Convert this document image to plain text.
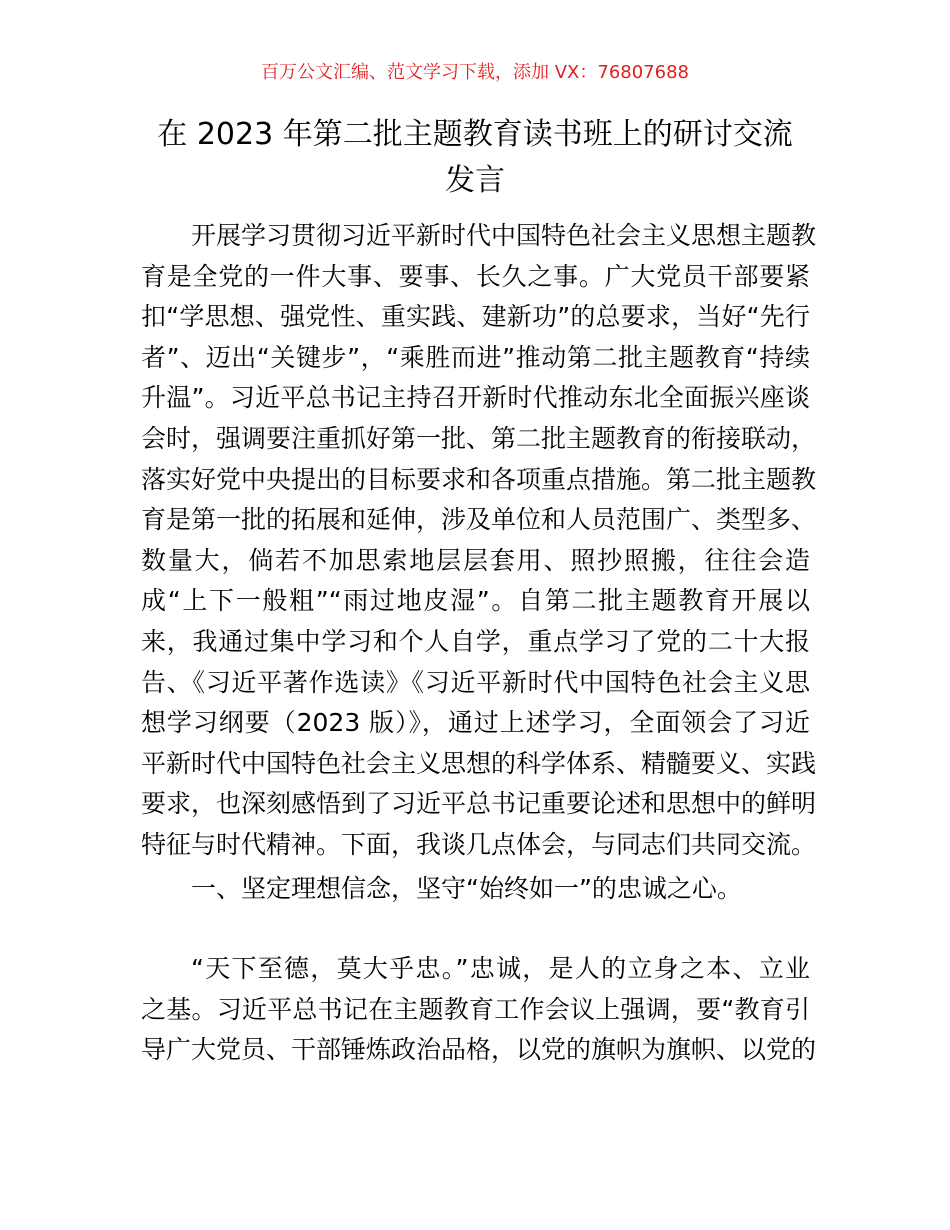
百万公文汇编、范文学习下载，添加 VX：76807688
在 2023 年第二批主题教育读书班上的研讨交流
发言
开展学习贯彻习近平新时代中国特色社会主义思想主题教
育是全党的一件大事、要事、长久之事。广大党员干部要紧
扣“学思想、强党性、重实践、建新功”的总要求，当好“先行
者”、迈出“关键步”，“乘胜而进”推动第二批主题教育“持续
升温”。习近平总书记主持召开新时代推动东北全面振兴座谈
会时，强调要注重抓好第一批、第二批主题教育的衔接联动，
落实好党中央提出的目标要求和各项重点措施。第二批主题教
育是第一批的拓展和延伸，涉及单位和人员范围广、类型多、
数量大，倘若不加思索地层层套用、照抄照搬，往往会造
成“上下一般粗”“雨过地皮湿”。自第二批主题教育开展以
来，我通过集中学习和个人自学，重点学习了党的二十大报
告、《习近平著作选读》《习近平新时代中国特色社会主义思
想学习纲要（2023 版）》，通过上述学习，全面领会了习近
平新时代中国特色社会主义思想的科学体系、精髓要义、实践
要求，也深刻感悟到了习近平总书记重要论述和思想中的鲜明
特征与时代精神。下面，我谈几点体会，与同志们共同交流。
一、坚定理想信念，坚守“始终如一”的忠诚之心。
“天下至德，莫大乎忠。”忠诚，是人的立身之本、立业
之基。习近平总书记在主题教育工作会议上强调，要“教育引
导广大党员、干部锤炼政治品格，以党的旗帜为旗帜、以党的
